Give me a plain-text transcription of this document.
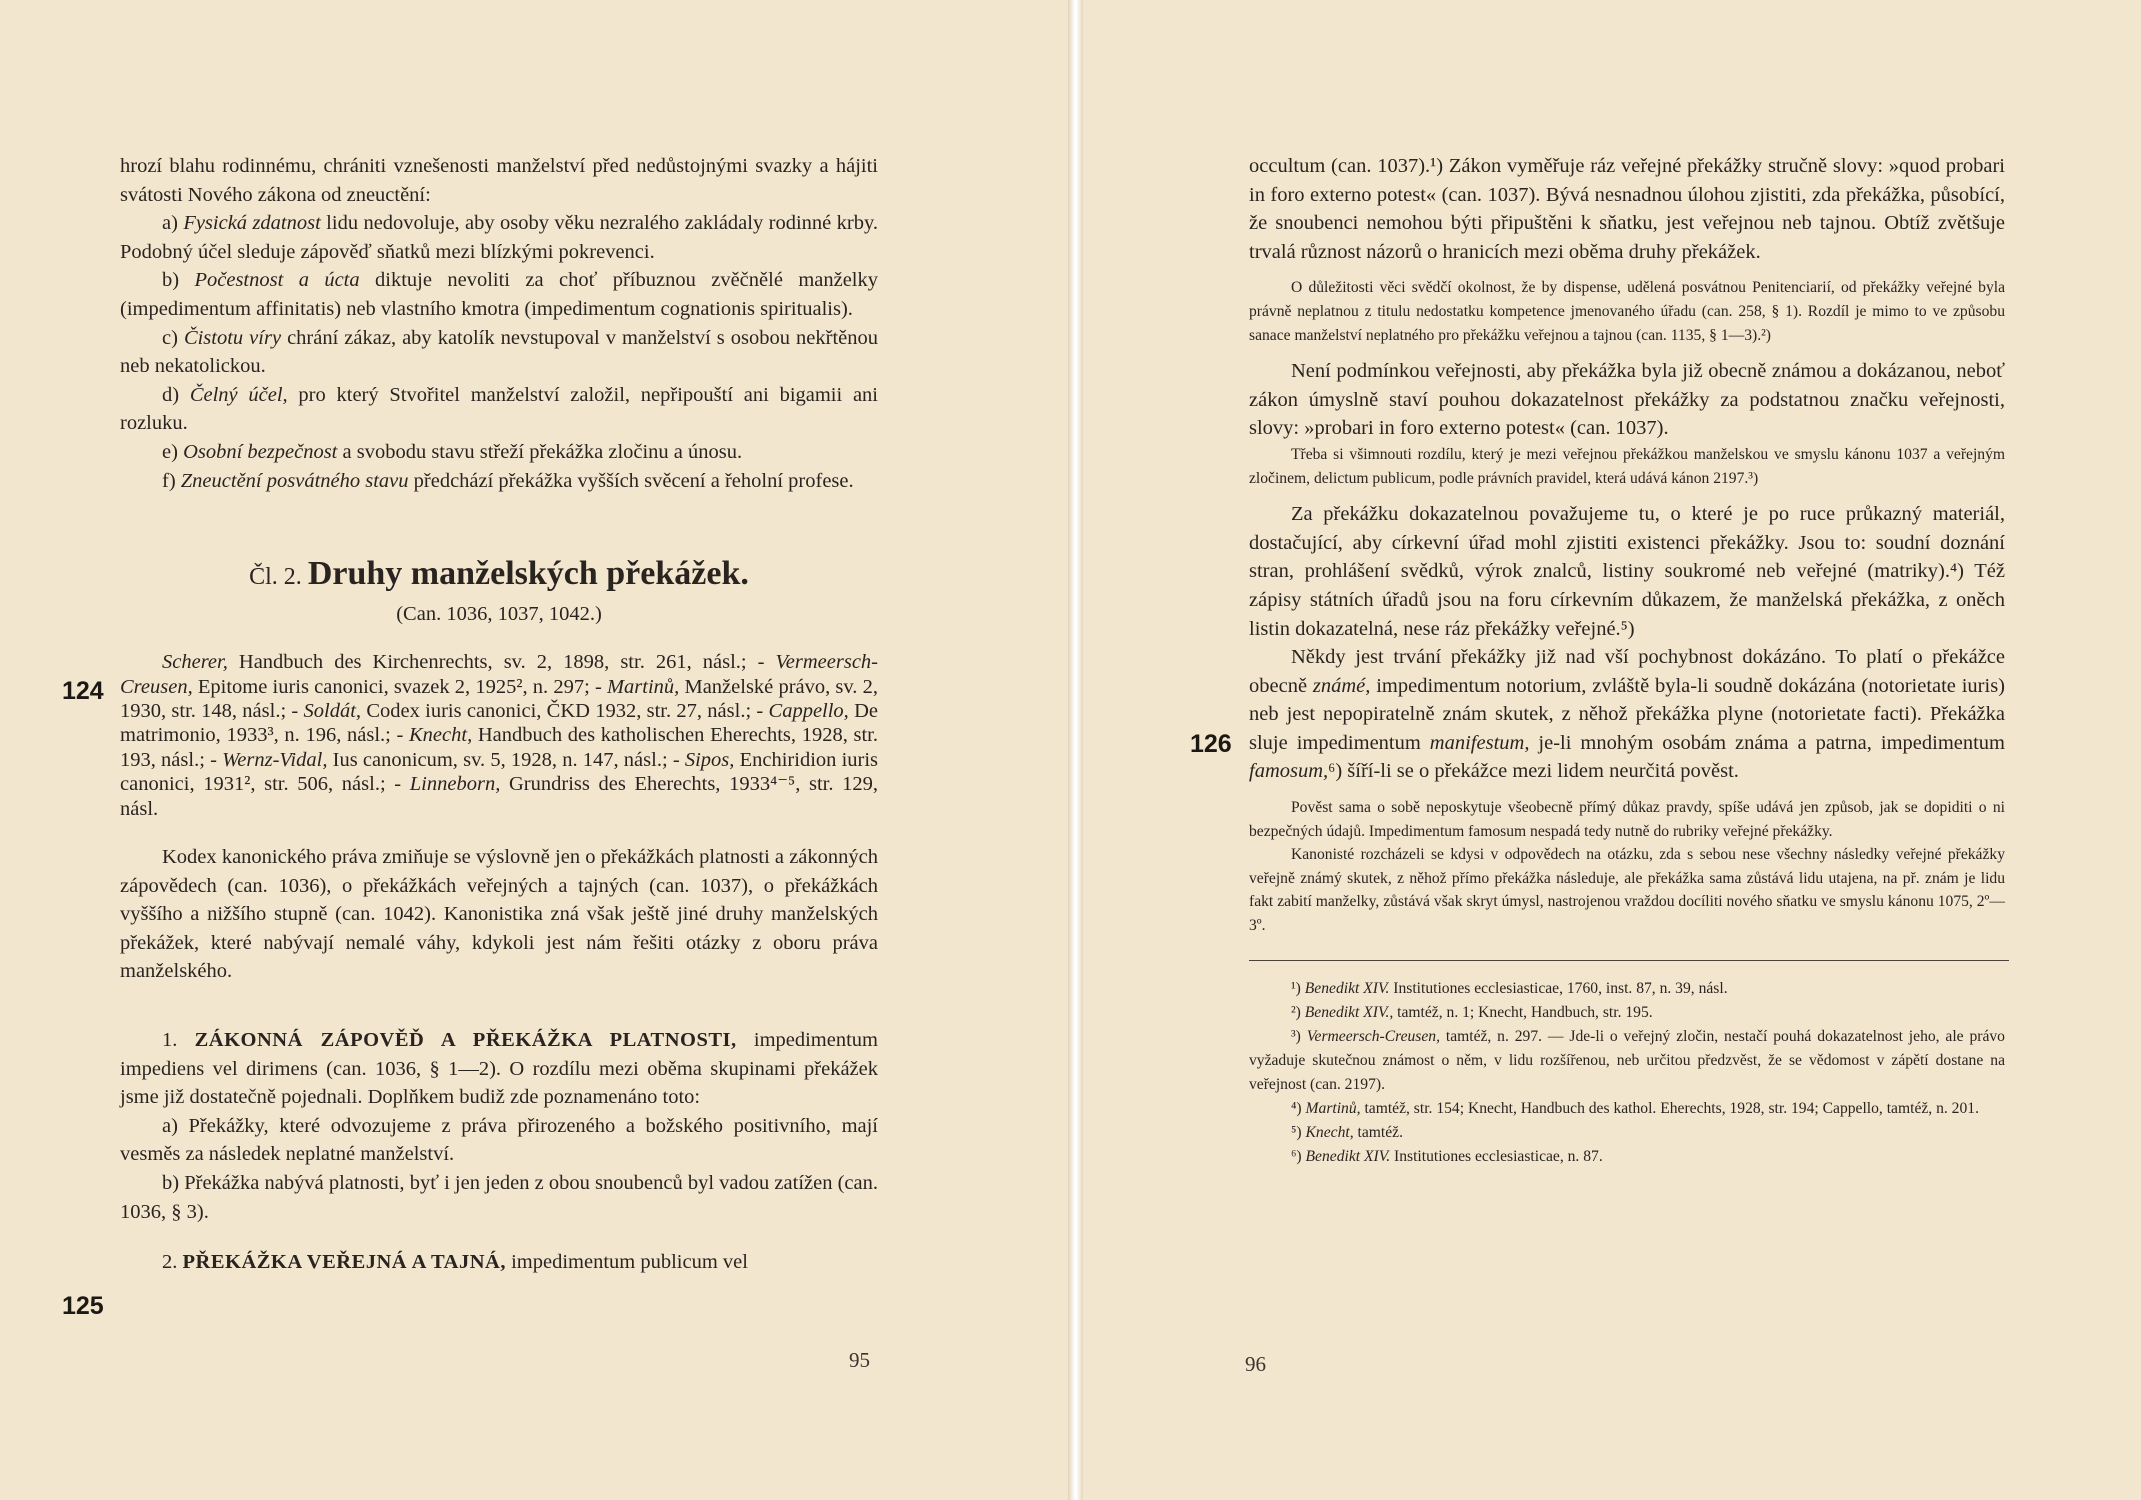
hrozí blahu rodinnému, chrániti vznešenosti manželství před nedůstojnými svazky a hájiti svátosti Nového zákona od zneuctění:

a) Fysická zdatnost lidu nedovoluje, aby osoby věku nezralého zakládaly rodinné krby. Podobný účel sleduje zápověď sňatků mezi blízkými pokrevenci.

b) Počestnost a úcta diktuje nevoliti za choť příbuznou zvěčnělé manželky (impedimentum affinitatis) neb vlastního kmotra (impedimentum cognationis spiritualis).

c) Čistotu víry chrání zákaz, aby katolík nevstupoval v manželství s osobou nekřtěnou neb nekatolickou.

d) Čelný účel, pro který Stvořitel manželství založil, nepřipouští ani bigamii ani rozluku.

e) Osobní bezpečnost a svobodu stavu střeží překážka zločinu a únosu.

f) Zneuctění posvátného stavu předchází překážka vyšších svěcení a řeholní profese.

Čl. 2. Druhy manželských překážek.

(Can. 1036, 1037, 1042.)

Scherer, Handbuch des Kirchenrechts, sv. 2, 1898, str. 261, násl.; - Vermeersch-Creusen, Epitome iuris canonici, svazek 2, 1925², n. 297; - Martinů, Manželské právo, sv. 2, 1930, str. 148, násl.; - Soldát, Codex iuris canonici, ČKD 1932, str. 27, násl.; - Cappello, De matrimonio, 1933³, n. 196, násl.; - Knecht, Handbuch des katholischen Eherechts, 1928, str. 193, násl.; - Wernz-Vidal, Ius canonicum, sv. 5, 1928, n. 147, násl.; - Sipos, Enchiridion iuris canonici, 1931², str. 506, násl.; - Linneborn, Grundriss des Eherechts, 1933⁴⁻⁵, str. 129, násl.

Kodex kanonického práva zmiňuje se výslovně jen o překážkách platnosti a zákonných zápovědech (can. 1036), o překážkách veřejných a tajných (can. 1037), o překážkách vyššího a nižšího stupně (can. 1042). Kanonistika zná však ještě jiné druhy manželských překážek, které nabývají nemalé váhy, kdykoli jest nám řešiti otázky z oboru práva manželského.

1. ZÁKONNÁ ZÁPOVĚĎ A PŘEKÁŽKA PLATNOSTI, impedimentum impediens vel dirimens (can. 1036, § 1—2). O rozdílu mezi oběma skupinami překážek jsme již dostatečně pojednali. Doplňkem budiž zde poznamenáno toto:

a) Překážky, které odvozujeme z práva přirozeného a božského positivního, mají vesměs za následek neplatné manželství.

b) Překážka nabývá platnosti, byť i jen jeden z obou snoubenců byl vadou zatížen (can. 1036, § 3).

2. PŘEKÁŽKA VEŘEJNÁ A TAJNÁ, impedimentum publicum vel

124
125
95

occultum (can. 1037).¹) Zákon vyměřuje ráz veřejné překážky stručně slovy: »quod probari in foro externo potest« (can. 1037). Bývá nesnadnou úlohou zjistiti, zda překážka, působící, že snoubenci nemohou býti připuštěni k sňatku, jest veřejnou neb tajnou. Obtíž zvětšuje trvalá různost názorů o hranicích mezi oběma druhy překážek.

O důležitosti věci svědčí okolnost, že by dispense, udělená posvátnou Penitenciarií, od překážky veřejné byla právně neplatnou z titulu nedostatku kompetence jmenovaného úřadu (can. 258, § 1). Rozdíl je mimo to ve způsobu sanace manželství neplatného pro překážku veřejnou a tajnou (can. 1135, § 1—3).²)

Není podmínkou veřejnosti, aby překážka byla již obecně známou a dokázanou, neboť zákon úmyslně staví pouhou dokazatelnost překážky za podstatnou značku veřejnosti, slovy: »probari in foro externo potest« (can. 1037).

Třeba si všimnouti rozdílu, který je mezi veřejnou překážkou manželskou ve smyslu kánonu 1037 a veřejným zločinem, delictum publicum, podle právních pravidel, která udává kánon 2197.³)

Za překážku dokazatelnou považujeme tu, o které je po ruce průkazný materiál, dostačující, aby církevní úřad mohl zjistiti existenci překážky. Jsou to: soudní doznání stran, prohlášení svědků, výrok znalců, listiny soukromé neb veřejné (matriky).⁴) Též zápisy státních úřadů jsou na foru církevním důkazem, že manželská překážka, z oněch listin dokazatelná, nese ráz překážky veřejné.⁵)

Někdy jest trvání překážky již nad vší pochybnost dokázáno. To platí o překážce obecně známé, impedimentum notorium, zvláště byla-li soudně dokázána (notorietate iuris) neb jest nepopiratelně znám skutek, z něhož překážka plyne (notorietate facti). Překážka sluje impedimentum manifestum, je-li mnohým osobám známa a patrna, impedimentum famosum,⁶) šíří-li se o překážce mezi lidem neurčitá pověst.

Pověst sama o sobě neposkytuje všeobecně přímý důkaz pravdy, spíše udává jen způsob, jak se dopiditi o ni bezpečných údajů. Impedimentum famosum nespadá tedy nutně do rubriky veřejné překážky.

Kanonisté rozcházeli se kdysi v odpovědech na otázku, zda s sebou nese všechny následky veřejné překážky veřejně známý skutek, z něhož přímo překážka následuje, ale překážka sama zůstává lidu utajena, na př. znám je lidu fakt zabití manželky, zůstává však skryt úmysl, nastrojenou vraždou docíliti nového sňatku ve smyslu kánonu 1075, 2º—3º.

¹) Benedikt XIV. Institutiones ecclesiasticae, 1760, inst. 87, n. 39, násl.

²) Benedikt XIV., tamtéž, n. 1; Knecht, Handbuch, str. 195.

³) Vermeersch-Creusen, tamtéž, n. 297. — Jde-li o veřejný zločin, nestačí pouhá dokazatelnost jeho, ale právo vyžaduje skutečnou známost o něm, v lidu rozšířenou, neb určitou předzvěst, že se vědomost v zápětí dostane na veřejnost (can. 2197).

⁴) Martinů, tamtéž, str. 154; Knecht, Handbuch des kathol. Eherechts, 1928, str. 194; Cappello, tamtéž, n. 201.

⁵) Knecht, tamtéž.

⁶) Benedikt XIV. Institutiones ecclesiasticae, n. 87.

126
96
